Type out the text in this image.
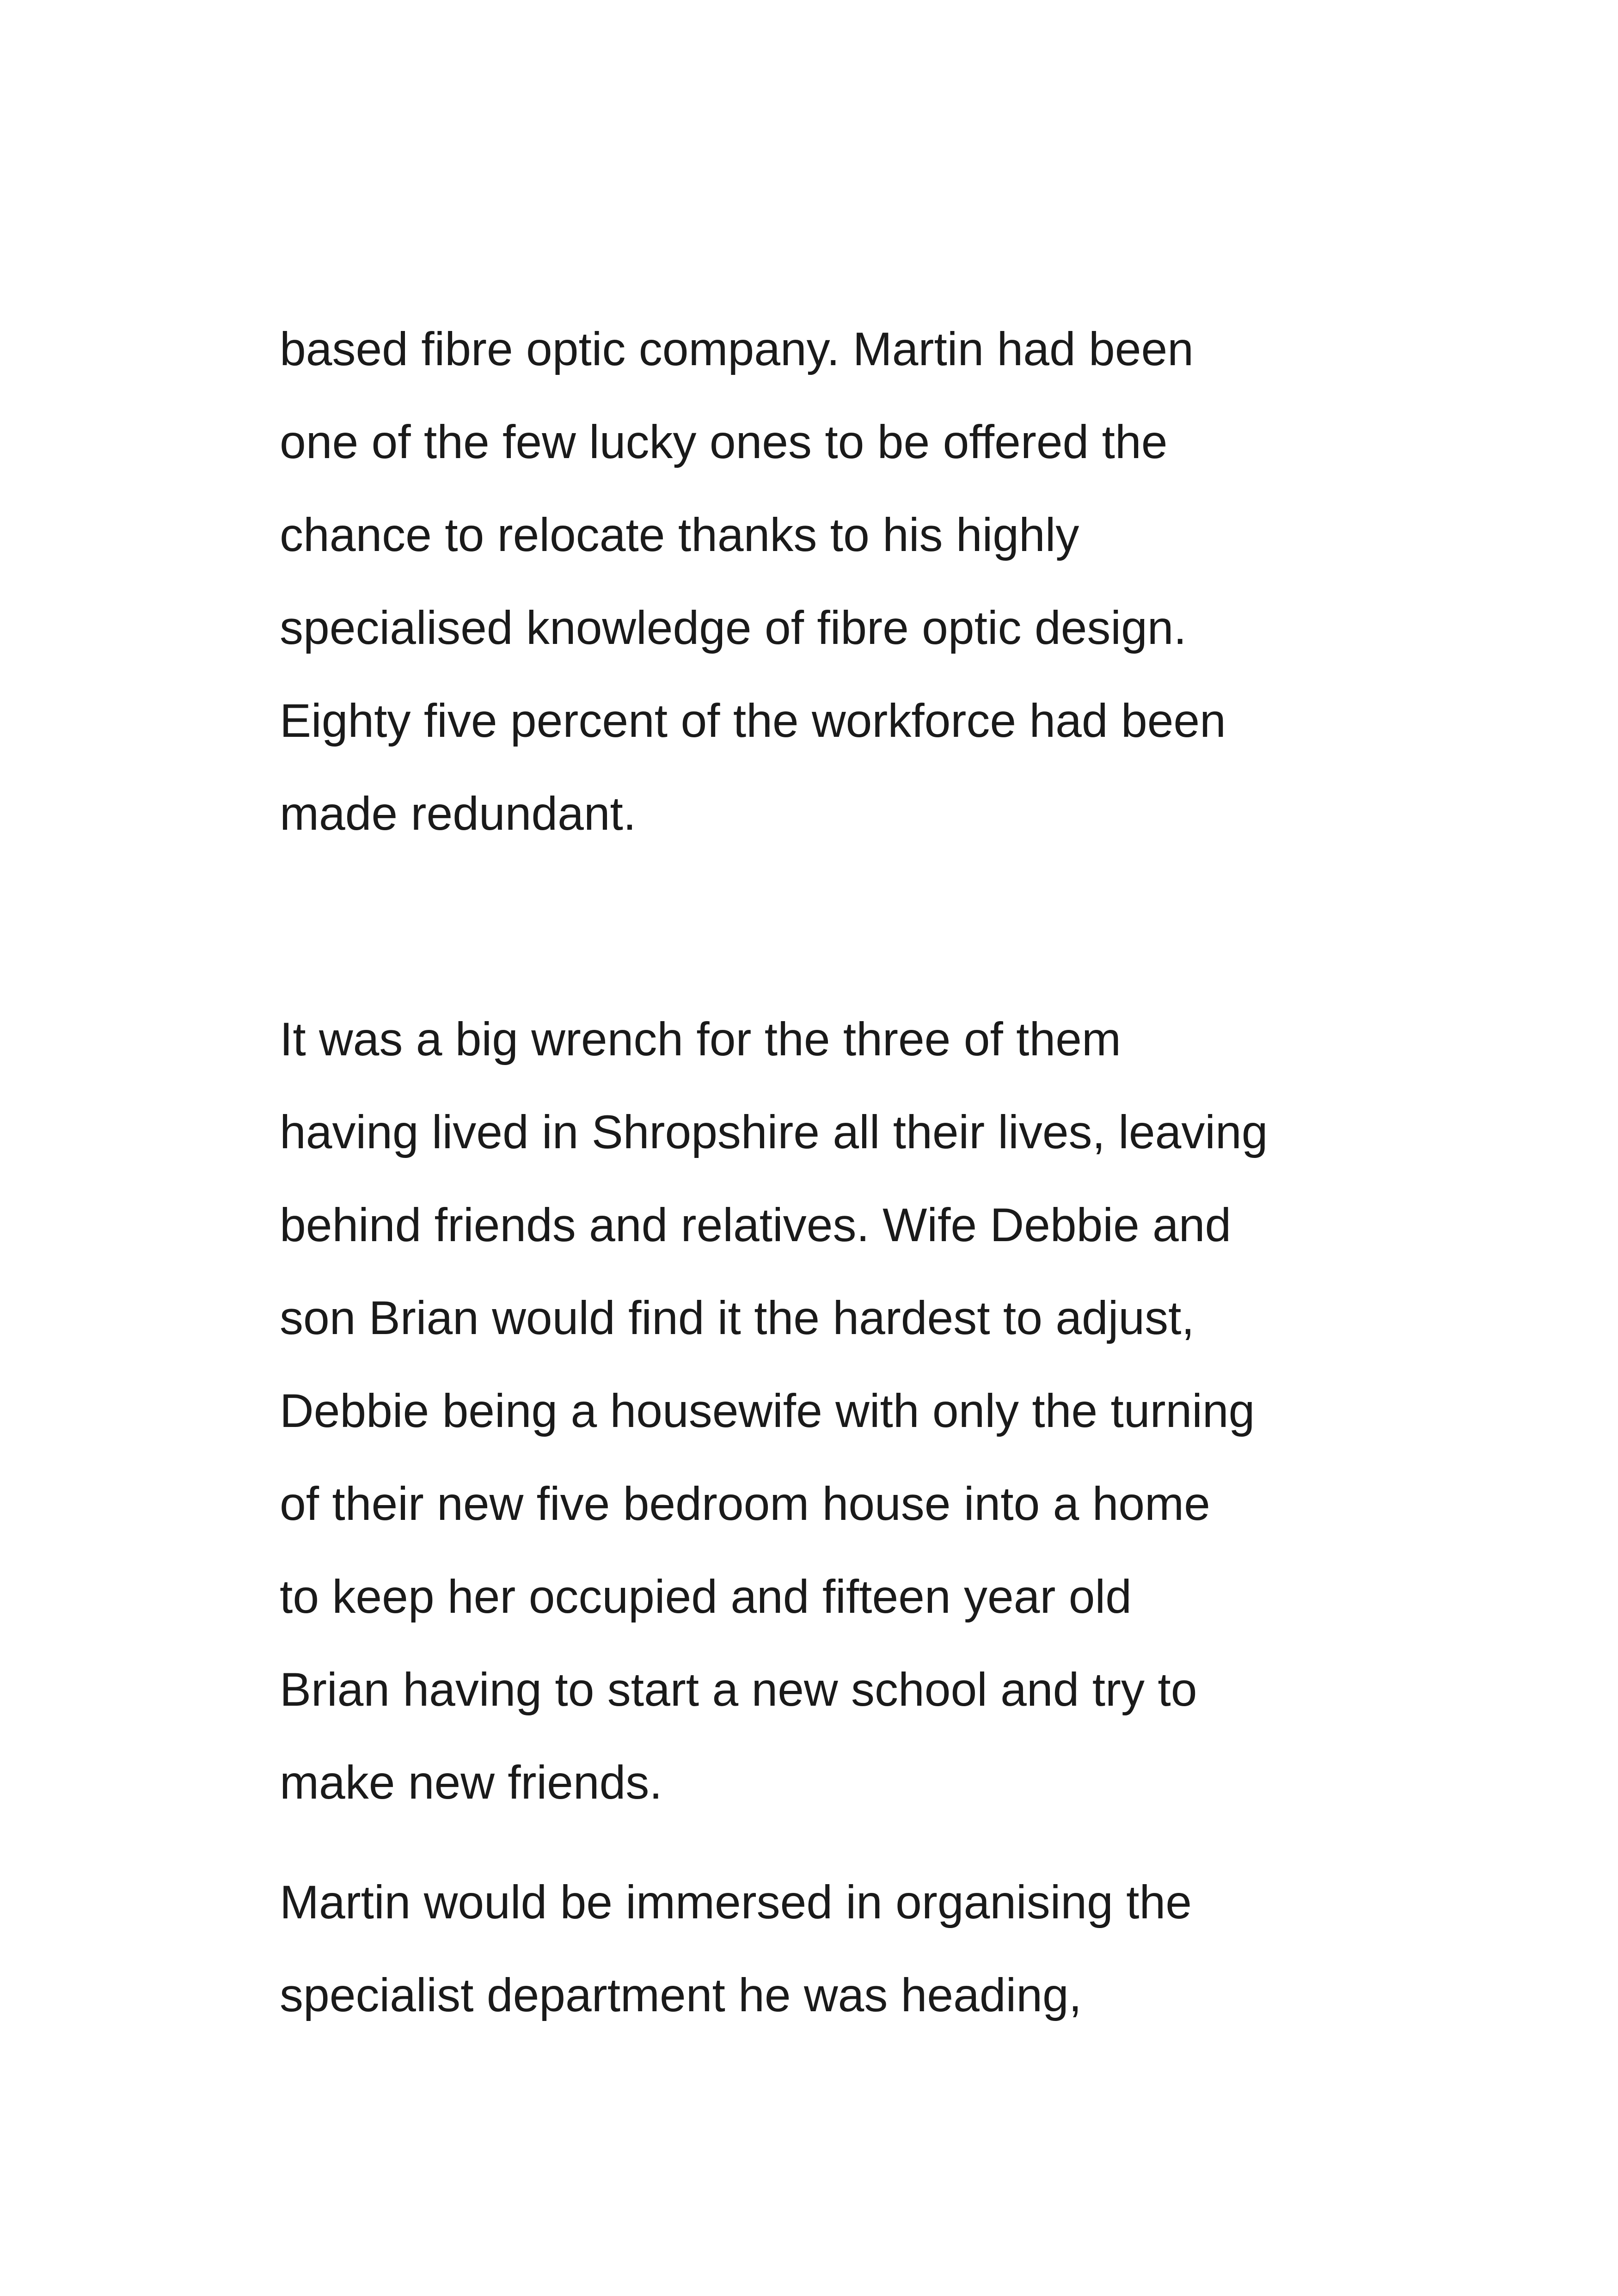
based fibre optic company. Martin had been
one of the few lucky ones to be offered the
chance to relocate thanks to his highly
specialised knowledge of fibre optic design.
Eighty five percent of the workforce had been
made redundant.
It was a big wrench for the three of them
having lived in Shropshire all their lives, leaving
behind friends and relatives. Wife Debbie and
son Brian would find it the hardest to adjust,
Debbie being a housewife with only the turning
of their new five bedroom house into a home
to keep her occupied and fifteen year old
Brian having to start a new school and try to
make new friends.
Martin would be immersed in organising the
specialist department he was heading,
